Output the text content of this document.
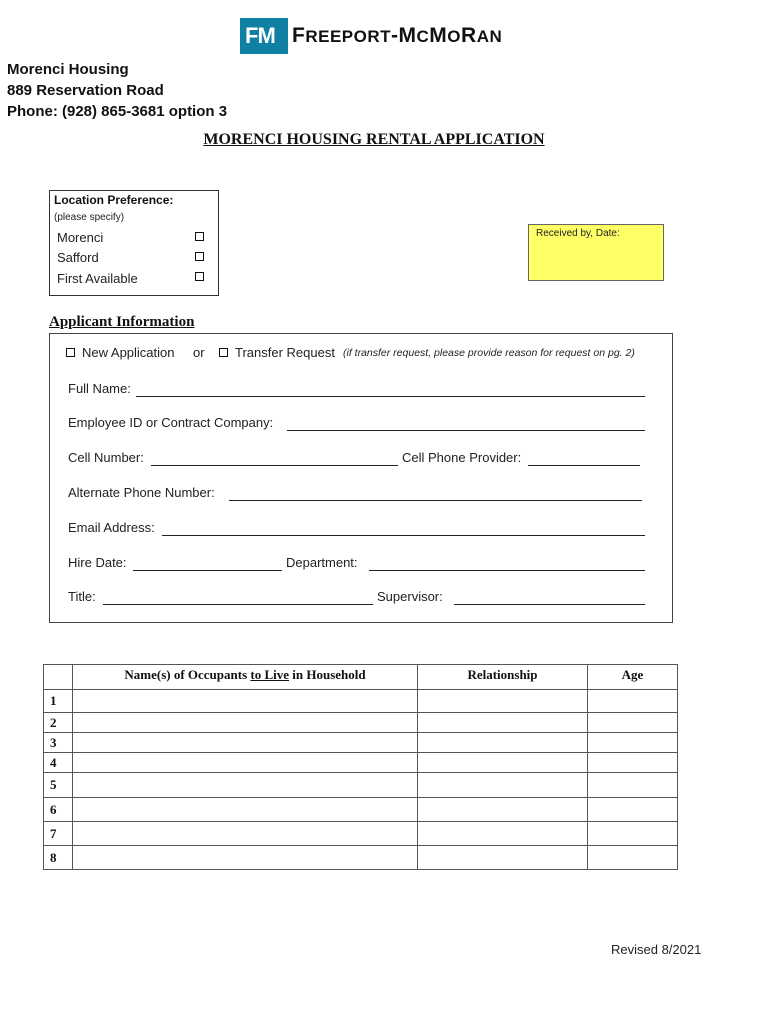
FM FREEPORT-MCMORAN
Morenci Housing
889 Reservation Road
Phone: (928) 865-3681 option 3
MORENCI HOUSING RENTAL APPLICATION
Location Preference:
(please specify)
Morenci
Safford
First Available
Received by, Date:
Applicant Information
New Application or Transfer Request (if transfer request, please provide reason for request on pg. 2)
Full Name:
Employee ID or Contract Company:
Cell Number:	Cell Phone Provider:
Alternate Phone Number:
Email Address:
Hire Date:	Department:
Title:	Supervisor:
	Name(s) of Occupants to Live in Household	Relationship	Age
1			
2			
3			
4			
5			
6			
7			
8			
Revised 8/2021
